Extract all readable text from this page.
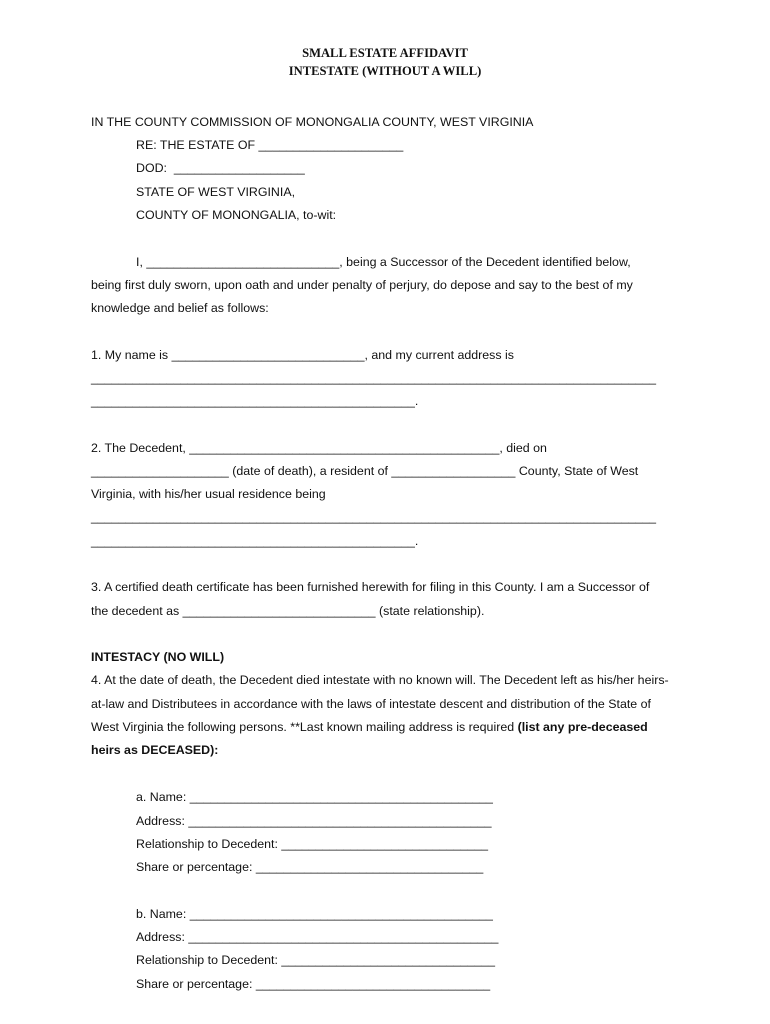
SMALL ESTATE AFFIDAVIT
INTESTATE (WITHOUT A WILL)
IN THE COUNTY COMMISSION OF MONONGALIA COUNTY, WEST VIRGINIA
RE: THE ESTATE OF _____________________
DOD:  ___________________
STATE OF WEST VIRGINIA,
COUNTY OF MONONGALIA, to-wit:
I, ____________________________, being a Successor of the Decedent identified below,
being first duly sworn, upon oath and under penalty of perjury, do depose and say to the best of my
knowledge and belief as follows:
1. My name is ____________________________, and my current address is
__________________________________________________________________________________
_______________________________________________.
2. The Decedent, _____________________________________________, died on
____________________ (date of death), a resident of __________________ County, State of West
Virginia, with his/her usual residence being
__________________________________________________________________________________
_______________________________________________.
3. A certified death certificate has been furnished herewith for filing in this County. I am a Successor of
the decedent as ____________________________ (state relationship).
INTESTACY (NO WILL)
4. At the date of death, the Decedent died intestate with no known will. The Decedent left as his/her heirs-
at-law and Distributees in accordance with the laws of intestate descent and distribution of the State of
West Virginia the following persons. **Last known mailing address is required (list any pre-deceased
heirs as DECEASED):
a. Name: ____________________________________________
Address: ____________________________________________
Relationship to Decedent: ______________________________
Share or percentage: _________________________________
b. Name: ____________________________________________
Address: _____________________________________________
Relationship to Decedent: _______________________________
Share or percentage: __________________________________
